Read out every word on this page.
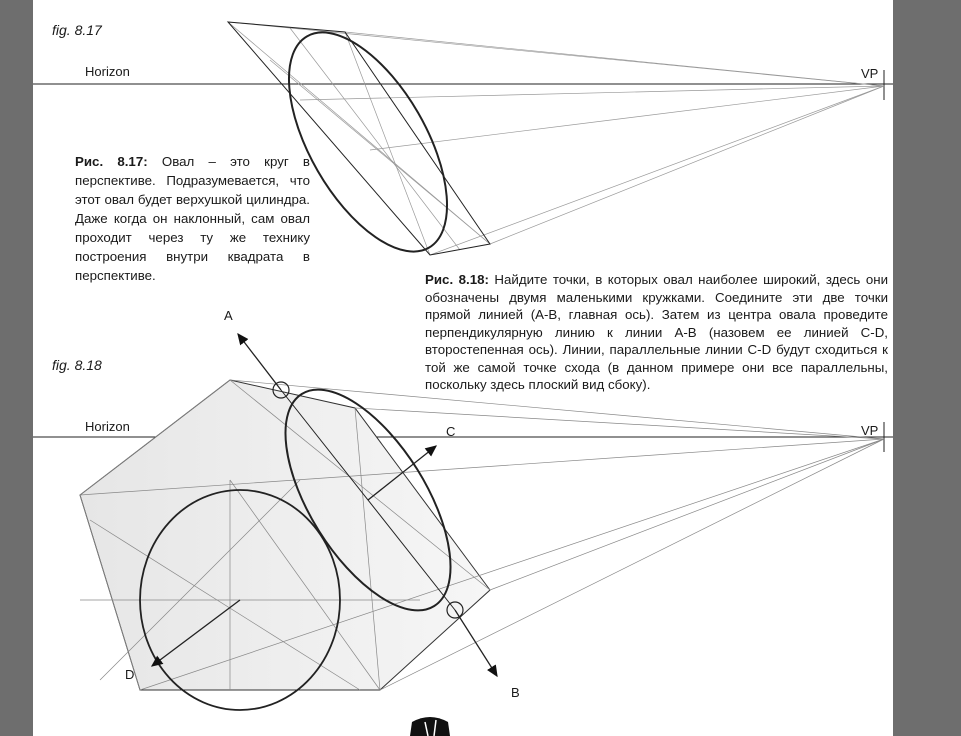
fig. 8.17
Horizon	VP
Рис. 8.17: Овал – это круг в перспективе. Подразумевается, что этот овал будет верхушкой цилиндра. Даже когда он наклонный, сам овал проходит через ту же технику построения внутри квадрата в перспективе.	Рис. 8.18: Найдите точки, в которых овал наиболее широкий, здесь они обозначены двумя маленькими кружками. Соедините эти две точки прямой линией (A-B, главная ось). Затем из центра овала проведите перпендикулярную линию к линии A-B (назовем ее линией C-D, второстепенная ось). Линии, параллельные линии C-D будут сходиться к той же самой точке схода (в данном примере они все параллельны, поскольку здесь плоский вид сбоку).
fig. 8.18
Horizon	VP
A
B
C
D
